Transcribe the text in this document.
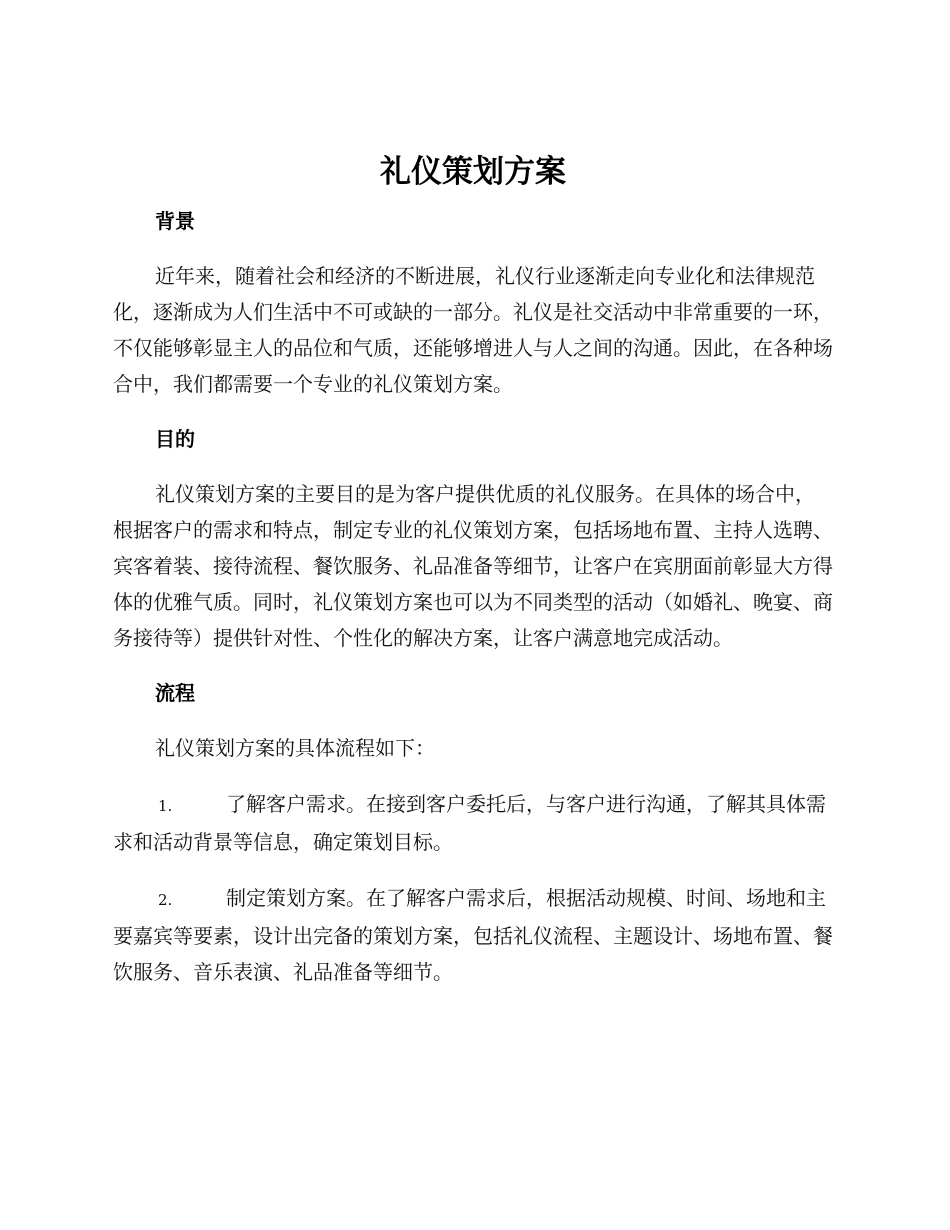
礼仪策划方案
背景

近年来，随着社会和经济的不断进展，礼仪行业逐渐走向专业化和法律规范化，逐渐成为人们生活中不可或缺的一部分。礼仪是社交活动中非常重要的一环，不仅能够彰显主人的品位和气质，还能够增进人与人之间的沟通。因此，在各种场合中，我们都需要一个专业的礼仪策划方案。

目的

礼仪策划方案的主要目的是为客户提供优质的礼仪服务。在具体的场合中，根据客户的需求和特点，制定专业的礼仪策划方案，包括场地布置、主持人选聘、宾客着装、接待流程、餐饮服务、礼品准备等细节，让客户在宾朋面前彰显大方得体的优雅气质。同时，礼仪策划方案也可以为不同类型的活动（如婚礼、晚宴、商务接待等）提供针对性、个性化的解决方案，让客户满意地完成活动。

流程

礼仪策划方案的具体流程如下：

1.	了解客户需求。在接到客户委托后，与客户进行沟通，了解其具体需求和活动背景等信息，确定策划目标。

2.	制定策划方案。在了解客户需求后，根据活动规模、时间、场地和主要嘉宾等要素，设计出完备的策划方案，包括礼仪流程、主题设计、场地布置、餐饮服务、音乐表演、礼品准备等细节。
